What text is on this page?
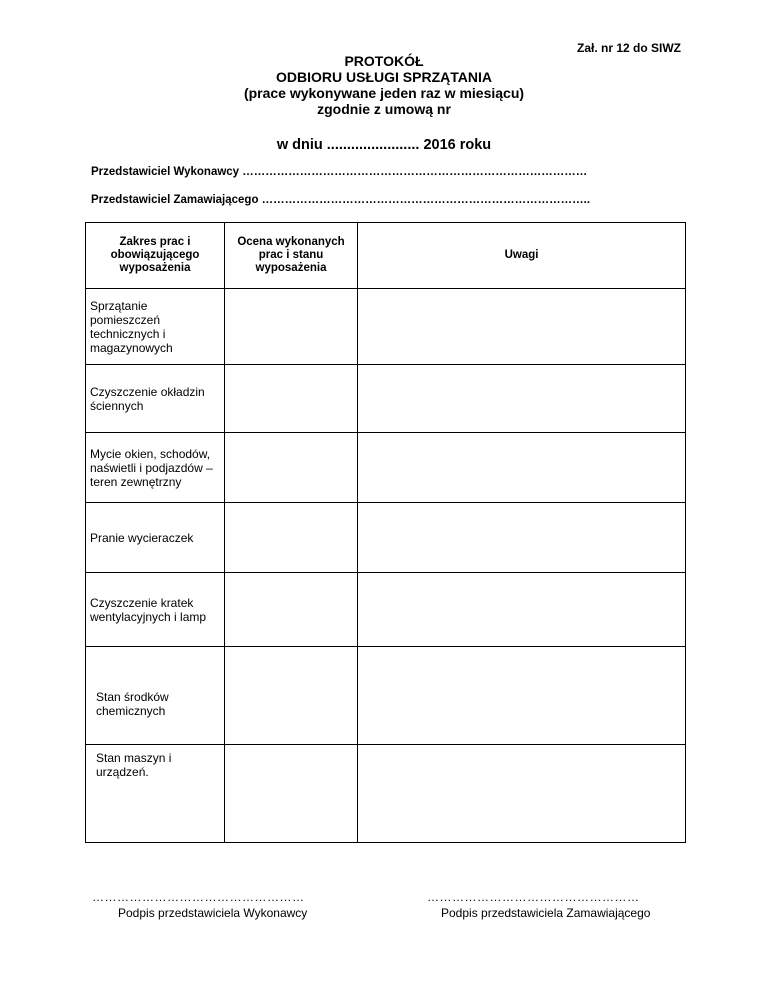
Zał. nr 12 do SIWZ
PROTOKÓŁ
ODBIORU USŁUGI SPRZĄTANIA
(prace wykonywane jeden raz w miesiącu)
zgodnie z umową nr
w dniu ....................... 2016 roku
Przedstawiciel Wykonawcy ………………………………………………………………………………
Przedstawiciel Zamawiającego …………………………………………………………………………..
Zakres prac i obowiązującego wyposażenia	Ocena wykonanych prac i stanu wyposażenia	Uwagi
Sprzątanie pomieszczeń technicznych i magazynowych		
Czyszczenie okładzin ściennych		
Mycie okien, schodów, naświetli i podjazdów – teren zewnętrzny		
Pranie wycieraczek		
Czyszczenie kratek wentylacyjnych i lamp		
Stan środków chemicznych		
Stan maszyn i urządzeń.		
……………………………………………
Podpis przedstawiciela Wykonawcy
……………………………………………
Podpis przedstawiciela Zamawiającego
